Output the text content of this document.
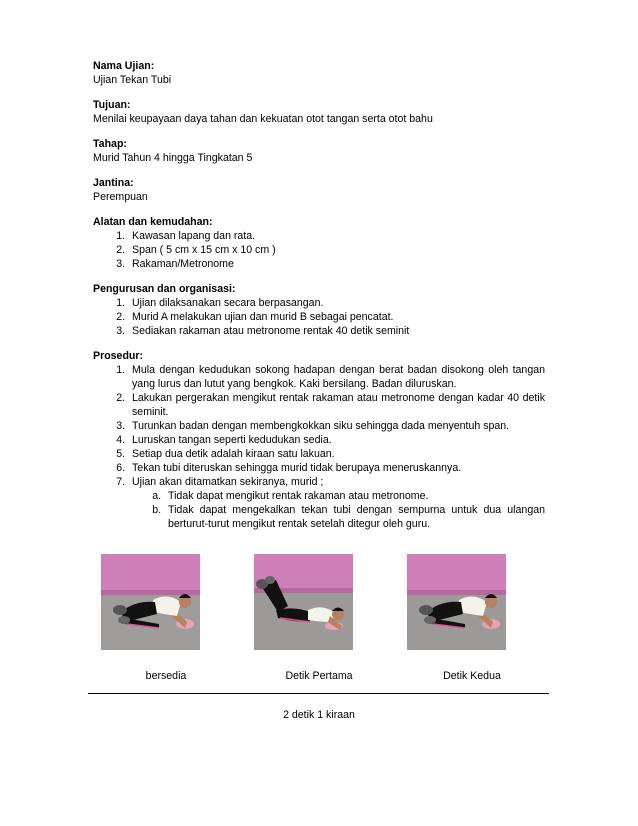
Nama Ujian:
Ujian Tekan Tubi
Tujuan:
Menilai keupayaan daya tahan dan kekuatan otot tangan serta otot bahu
Tahap:
Murid Tahun 4 hingga Tingkatan 5
Jantina:
Perempuan
Alatan dan kemudahan:
1. Kawasan lapang dan rata.
2. Span ( 5 cm x 15 cm x 10 cm )
3. Rakaman/Metronome
Pengurusan dan organisasi:
1. Ujian dilaksanakan secara berpasangan.
2. Murid A melakukan ujian dan murid B sebagai pencatat.
3. Sediakan rakaman atau metronome rentak 40 detik seminit
Prosedur:
1. Mula dengan kedudukan sokong hadapan dengan berat badan disokong oleh tangan yang lurus dan lutut yang bengkok. Kaki bersilang. Badan diluruskan.
2. Lakukan pergerakan mengikut rentak rakaman atau metronome dengan kadar 40 detik seminit.
3. Turunkan badan dengan membengkokkan siku sehingga dada menyentuh span.
4. Luruskan tangan seperti kedudukan sedia.
5. Setiap dua detik adalah kiraan satu lakuan.
6. Tekan tubi diteruskan sehingga murid tidak berupaya meneruskannya.
7. Ujian akan ditamatkan sekiranya, murid ;
a. Tidak dapat mengikut rentak rakaman atau metronome.
b. Tidak dapat mengekalkan tekan tubi dengan sempurna untuk dua ulangan berturut-turut mengikut rentak setelah ditegur oleh guru.
bersedia	Detik Pertama	Detik Kedua
2 detik 1 kiraan
